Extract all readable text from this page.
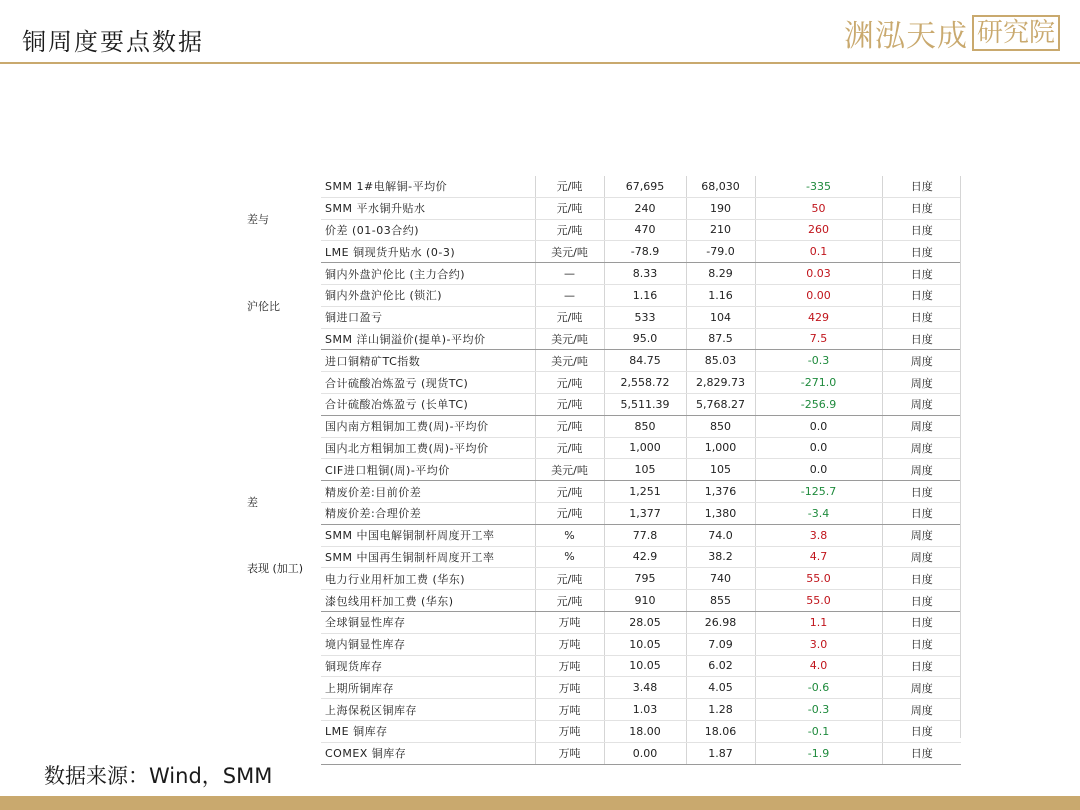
铜周度要点数据	渊泓天成 研究院
差与	SMM 1#电解铜-平均价	元/吨	67,695	68,030	-335	日度
	SMM 平水铜升贴水	元/吨	240	190	50	日度
	价差 (01-03合约)	元/吨	470	210	260	日度
	LME 铜现货升贴水 (0-3)	美元/吨	-78.9	-79.0	0.1	日度
沪伦比	铜内外盘沪伦比 (主力合约)	—	8.33	8.29	0.03	日度
	铜内外盘沪伦比 (锁汇)	—	1.16	1.16	0.00	日度
	铜进口盈亏	元/吨	533	104	429	日度
	SMM 洋山铜溢价(提单)-平均价	美元/吨	95.0	87.5	7.5	日度
	进口铜精矿TC指数	美元/吨	84.75	85.03	-0.3	周度
	合计硫酸冶炼盈亏 (现货TC)	元/吨	2,558.72	2,829.73	-271.0	周度
	合计硫酸冶炼盈亏 (长单TC)	元/吨	5,511.39	5,768.27	-256.9	周度
	国内南方粗铜加工费(周)-平均价	元/吨	850	850	0.0	周度
	国内北方粗铜加工费(周)-平均价	元/吨	1,000	1,000	0.0	周度
	CIF进口粗铜(周)-平均价	美元/吨	105	105	0.0	周度
差	精废价差:目前价差	元/吨	1,251	1,376	-125.7	日度
	精废价差:合理价差	元/吨	1,377	1,380	-3.4	日度
表现 (加工)	SMM 中国电解铜制杆周度开工率	%	77.8	74.0	3.8	周度
	SMM 中国再生铜制杆周度开工率	%	42.9	38.2	4.7	周度
	电力行业用杆加工费 (华东)	元/吨	795	740	55.0	日度
	漆包线用杆加工费 (华东)	元/吨	910	855	55.0	日度
	全球铜显性库存	万吨	28.05	26.98	1.1	日度
	境内铜显性库存	万吨	10.05	7.09	3.0	日度
	铜现货库存	万吨	10.05	6.02	4.0	日度
	上期所铜库存	万吨	3.48	4.05	-0.6	周度
	上海保税区铜库存	万吨	1.03	1.28	-0.3	周度
	LME 铜库存	万吨	18.00	18.06	-0.1	日度
	COMEX 铜库存	万吨	0.00	1.87	-1.9	日度
数据来源：Wind，SMM
